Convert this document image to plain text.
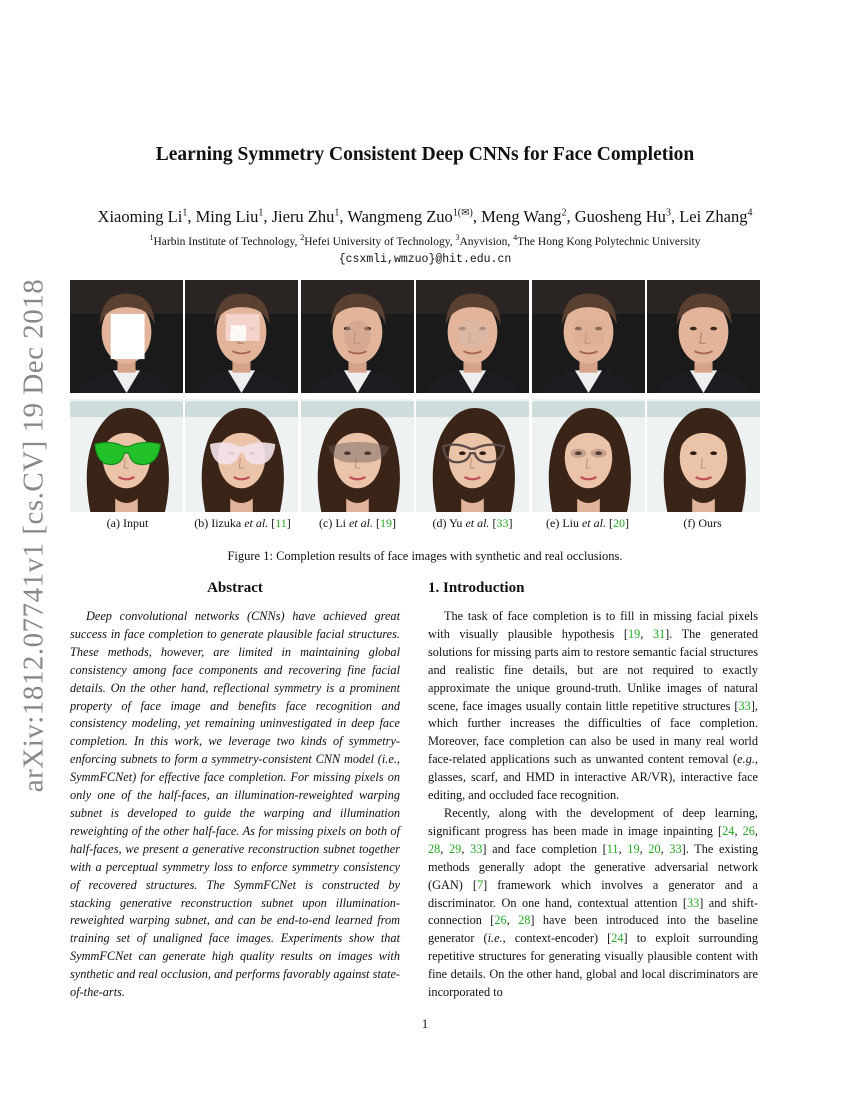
arXiv:1812.07741v1 [cs.CV] 19 Dec 2018
Learning Symmetry Consistent Deep CNNs for Face Completion
Xiaoming Li$^1$, Ming Liu$^1$, Jieru Zhu$^1$, Wangmeng Zuo$^{1(✉)}$, Meng Wang$^2$, Guosheng Hu$^3$, Lei Zhang$^4$
$^1$Harbin Institute of Technology, $^2$Hefei University of Technology, $^3$Anyvision, $^4$The Hong Kong Polytechnic University
{csxmli,wmzuo}@hit.edu.cn
(a) Input	(b) Iizuka et al. [11]	(c) Li et al. [19]	(d) Yu et al. [33]	(e) Liu et al. [20]	(f) Ours
Figure 1: Completion results of face images with synthetic and real occlusions.
Abstract

Deep convolutional networks (CNNs) have achieved great success in face completion to generate plausible facial structures. These methods, however, are limited in maintaining global consistency among face components and recovering fine facial details. On the other hand, reflectional symmetry is a prominent property of face image and benefits face recognition and consistency modeling, yet remaining uninvestigated in deep face completion. In this work, we leverage two kinds of symmetry-enforcing subnets to form a symmetry-consistent CNN model (i.e., SymmFCNet) for effective face completion. For missing pixels on only one of the half-faces, an illumination-reweighted warping subnet is developed to guide the warping and illumination reweighting of the other half-face. As for missing pixels on both of half-faces, we present a generative reconstruction subnet together with a perceptual symmetry loss to enforce symmetry consistency of recovered structures. The SymmFCNet is constructed by stacking generative reconstruction subnet upon illumination-reweighted warping subnet, and can be end-to-end learned from training set of unaligned face images. Experiments show that SymmFCNet can generate high quality results on images with synthetic and real occlusion, and performs favorably against state-of-the-arts.

1. Introduction

The task of face completion is to fill in missing facial pixels with visually plausible hypothesis [19, 31]. The generated solutions for missing parts aim to restore semantic facial structures and realistic fine details, but are not required to exactly approximate the unique ground-truth. Unlike images of natural scene, face images usually contain little repetitive structures [33], which further increases the difficulties of face completion. Moreover, face completion can also be used in many real world face-related applications such as unwanted content removal (e.g., glasses, scarf, and HMD in interactive AR/VR), interactive face editing, and occluded face recognition.

Recently, along with the development of deep learning, significant progress has been made in image inpainting [24, 26, 28, 29, 33] and face completion [11, 19, 20, 33]. The existing methods generally adopt the generative adversarial network (GAN) [7] framework which involves a generator and a discriminator. On one hand, contextual attention [33] and shift-connection [26, 28] have been introduced into the baseline generator (i.e., context-encoder) [24] to exploit surrounding repetitive structures for generating visually plausible content with fine details. On the other hand, global and local discriminators are incorporated to

1
